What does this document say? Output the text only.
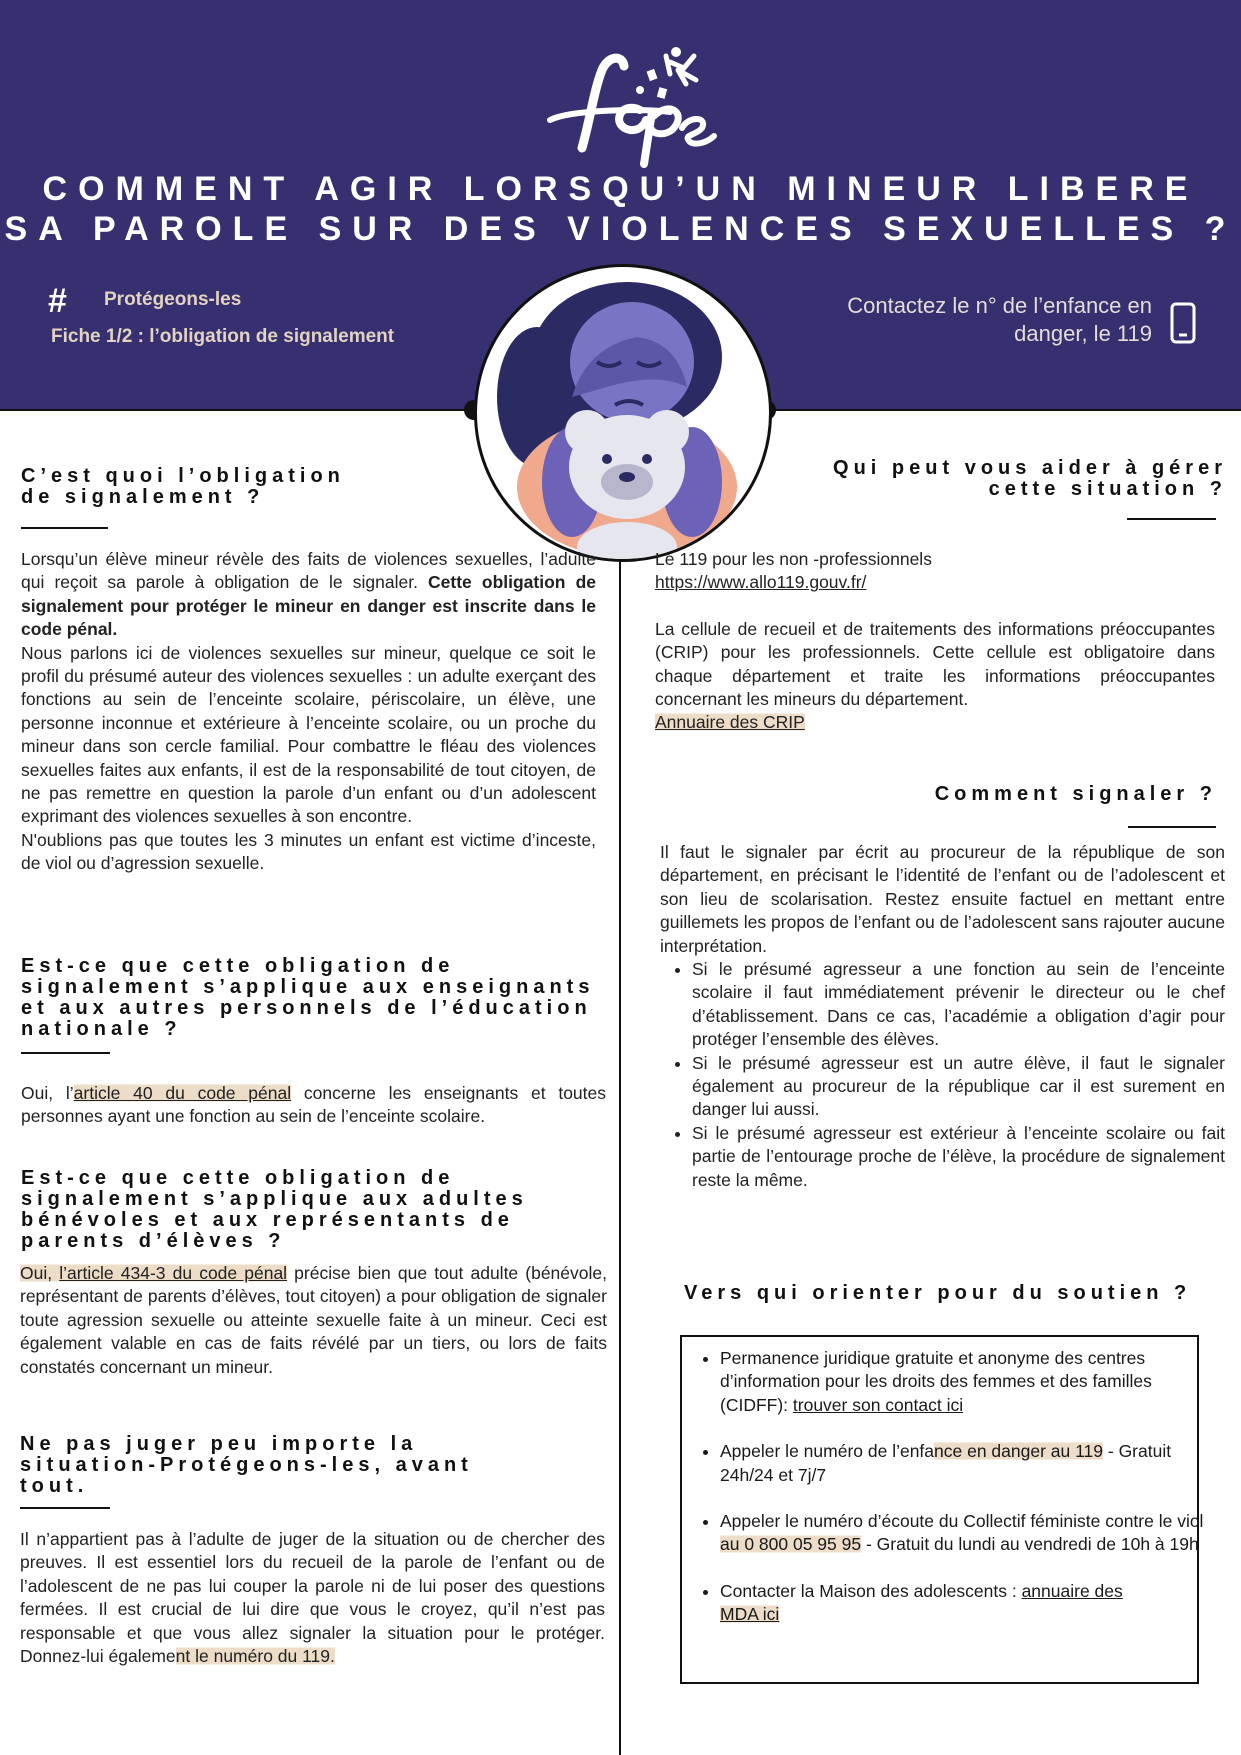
COMMENT AGIR LORSQU’UN MINEUR LIBERE
SA PAROLE SUR DES VIOLENCES SEXUELLES ?
# Protégeons-les
Fiche 1/2 : l’obligation de signalement
Contactez le n° de l’enfance en
danger, le 119
C’est quoi l’obligation
de signalement ?
Lorsqu’un élève mineur révèle des faits de violences sexuelles, l’adulte qui reçoit sa parole à obligation de le signaler. Cette obligation de signalement pour protéger le mineur en danger est inscrite dans le code pénal.
Nous parlons ici de violences sexuelles sur mineur, quelque ce soit le profil du présumé auteur des violences sexuelles : un adulte exerçant des fonctions au sein de l’enceinte scolaire, périscolaire, un élève, une personne inconnue et extérieure à l’enceinte scolaire, ou un proche du mineur dans son cercle familial. Pour combattre le fléau des violences sexuelles faites aux enfants, il est de la responsabilité de tout citoyen, de ne pas remettre en question la parole d’un enfant ou d’un adolescent exprimant des violences sexuelles à son encontre.
N'oublions pas que toutes les 3 minutes un enfant est victime d’inceste, de viol ou d’agression sexuelle.
Est-ce que cette obligation de
signalement s’applique aux enseignants
et aux autres personnels de l’éducation
nationale ?
Oui, l’article 40 du code pénal concerne les enseignants et toutes personnes ayant une fonction au sein de l’enceinte scolaire.
Est-ce que cette obligation de
signalement s’applique aux adultes
bénévoles et aux représentants de
parents d’élèves ?
Oui, l’article 434-3 du code pénal précise bien que tout adulte (bénévole, représentant de parents d’élèves, tout citoyen) a pour obligation de signaler toute agression sexuelle ou atteinte sexuelle faite à un mineur. Ceci est également valable en cas de faits révélé par un tiers, ou lors de faits constatés concernant un mineur.
Ne pas juger peu importe la
situation-Protégeons-les, avant
tout.
Il n’appartient pas à l’adulte de juger de la situation ou de chercher des preuves. Il est essentiel lors du recueil de la parole de l’enfant ou de l’adolescent de ne pas lui couper la parole ni de lui poser des questions fermées. Il est crucial de lui dire que vous le croyez, qu’il n’est pas responsable et que vous allez signaler la situation pour le protéger. Donnez-lui également le numéro du 119.
Qui peut vous aider à gérer
cette situation ?
Le 119 pour les non -professionnels
https://www.allo119.gouv.fr/
La cellule de recueil et de traitements des informations préoccupantes (CRIP) pour les professionnels. Cette cellule est obligatoire dans chaque département et traite les informations préoccupantes concernant les mineurs du département.
Annuaire des CRIP
Comment signaler ?
Il faut le signaler par écrit au procureur de la république de son département, en précisant le l’identité de l’enfant ou de l’adolescent et son lieu de scolarisation. Restez ensuite factuel en mettant entre guillemets les propos de l’enfant ou de l’adolescent sans rajouter aucune interprétation.
• Si le présumé agresseur a une fonction au sein de l’enceinte scolaire il faut immédiatement prévenir le directeur ou le chef d’établissement. Dans ce cas, l’académie a obligation d’agir pour protéger l’ensemble des élèves.
• Si le présumé agresseur est un autre élève, il faut le signaler également au procureur de la république car il est surement en danger lui aussi.
• Si le présumé agresseur est extérieur à l’enceinte scolaire ou fait partie de l’entourage proche de l’élève, la procédure de signalement reste la même.
Vers qui orienter pour du soutien ?
• Permanence juridique gratuite et anonyme des centres d’information pour les droits des femmes et des familles (CIDFF): trouver son contact ici
• Appeler le numéro de l’enfance en danger au 119 - Gratuit 24h/24 et 7j/7
• Appeler le numéro d’écoute du Collectif féministe contre le viol au 0 800 05 95 95 - Gratuit du lundi au vendredi de 10h à 19h
• Contacter la Maison des adolescents : annuaire des
MDA ici
